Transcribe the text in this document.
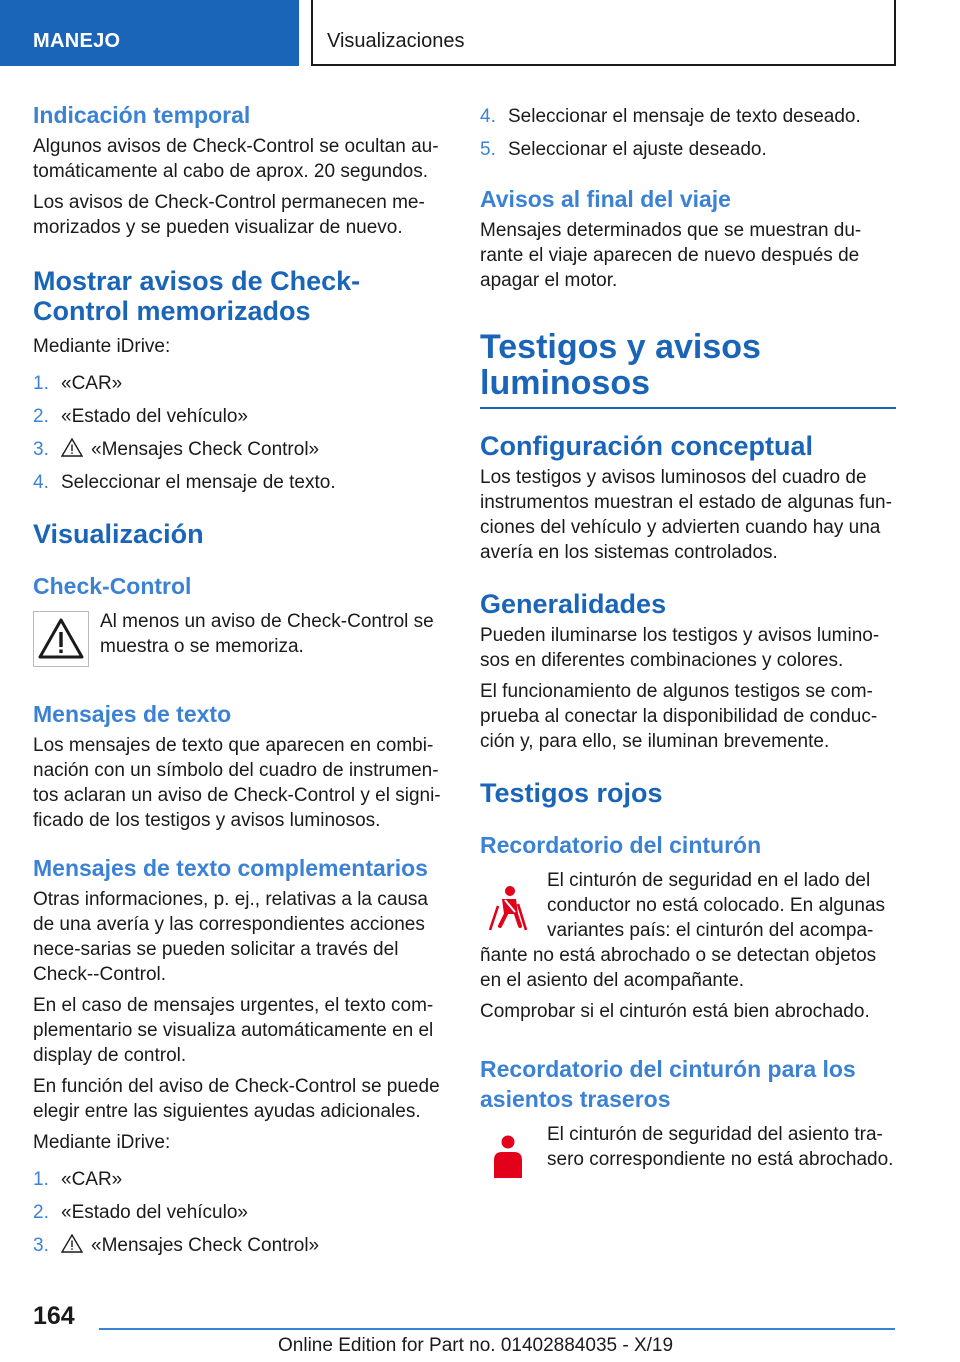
MANEJO	Visualizaciones
Indicación temporal

Algunos avisos de Check-Control se ocultan au-tomáticamente al cabo de aprox. 20 segundos.

Los avisos de Check-Control permanecen me-morizados y se pueden visualizar de nuevo.

Mostrar avisos de Check-Control memorizados

Mediante iDrive:

1. «CAR»
2. «Estado del vehículo»
3. «Mensajes Check Control»
4. Seleccionar el mensaje de texto.
Visualización
Check-Control

Al menos un aviso de Check-Control se muestra o se memoriza.

Mensajes de texto

Los mensajes de texto que aparecen en combi-nación con un símbolo del cuadro de instrumen-tos aclaran un aviso de Check-Control y el signi-ficado de los testigos y avisos luminosos.

Mensajes de texto complementarios

Otras informaciones, p. ej., relativas a la causa de una avería y las correspondientes acciones nece-sarias se pueden solicitar a través del Check--Control.

En el caso de mensajes urgentes, el texto com-plementario se visualiza automáticamente en el display de control.

En función del aviso de Check-Control se puede elegir entre las siguientes ayudas adicionales.

Mediante iDrive:

1. «CAR»
2. «Estado del vehículo»
3. «Mensajes Check Control»
4. Seleccionar el mensaje de texto deseado.
5. Seleccionar el ajuste deseado.
Avisos al final del viaje

Mensajes determinados que se muestran du-rante el viaje aparecen de nuevo después de apagar el motor.

Testigos y avisos luminosos
Configuración conceptual

Los testigos y avisos luminosos del cuadro de instrumentos muestran el estado de algunas fun-ciones del vehículo y advierten cuando hay una avería en los sistemas controlados.

Generalidades

Pueden iluminarse los testigos y avisos lumino-sos en diferentes combinaciones y colores.

El funcionamiento de algunos testigos se com-prueba al conectar la disponibilidad de conduc-ción y, para ello, se iluminan brevemente.

Testigos rojos
Recordatorio del cinturón

El cinturón de seguridad en el lado del conductor no está colocado. En algunas variantes país: el cinturón del acompa-

ñante no está abrochado o se detectan objetos en el asiento del acompañante.

Comprobar si el cinturón está bien abrochado.

Recordatorio del cinturón para los asientos traseros

El cinturón de seguridad del asiento tra-sero correspondiente no está abrochado.

164
Online Edition for Part no. 01402884035 - X/19
